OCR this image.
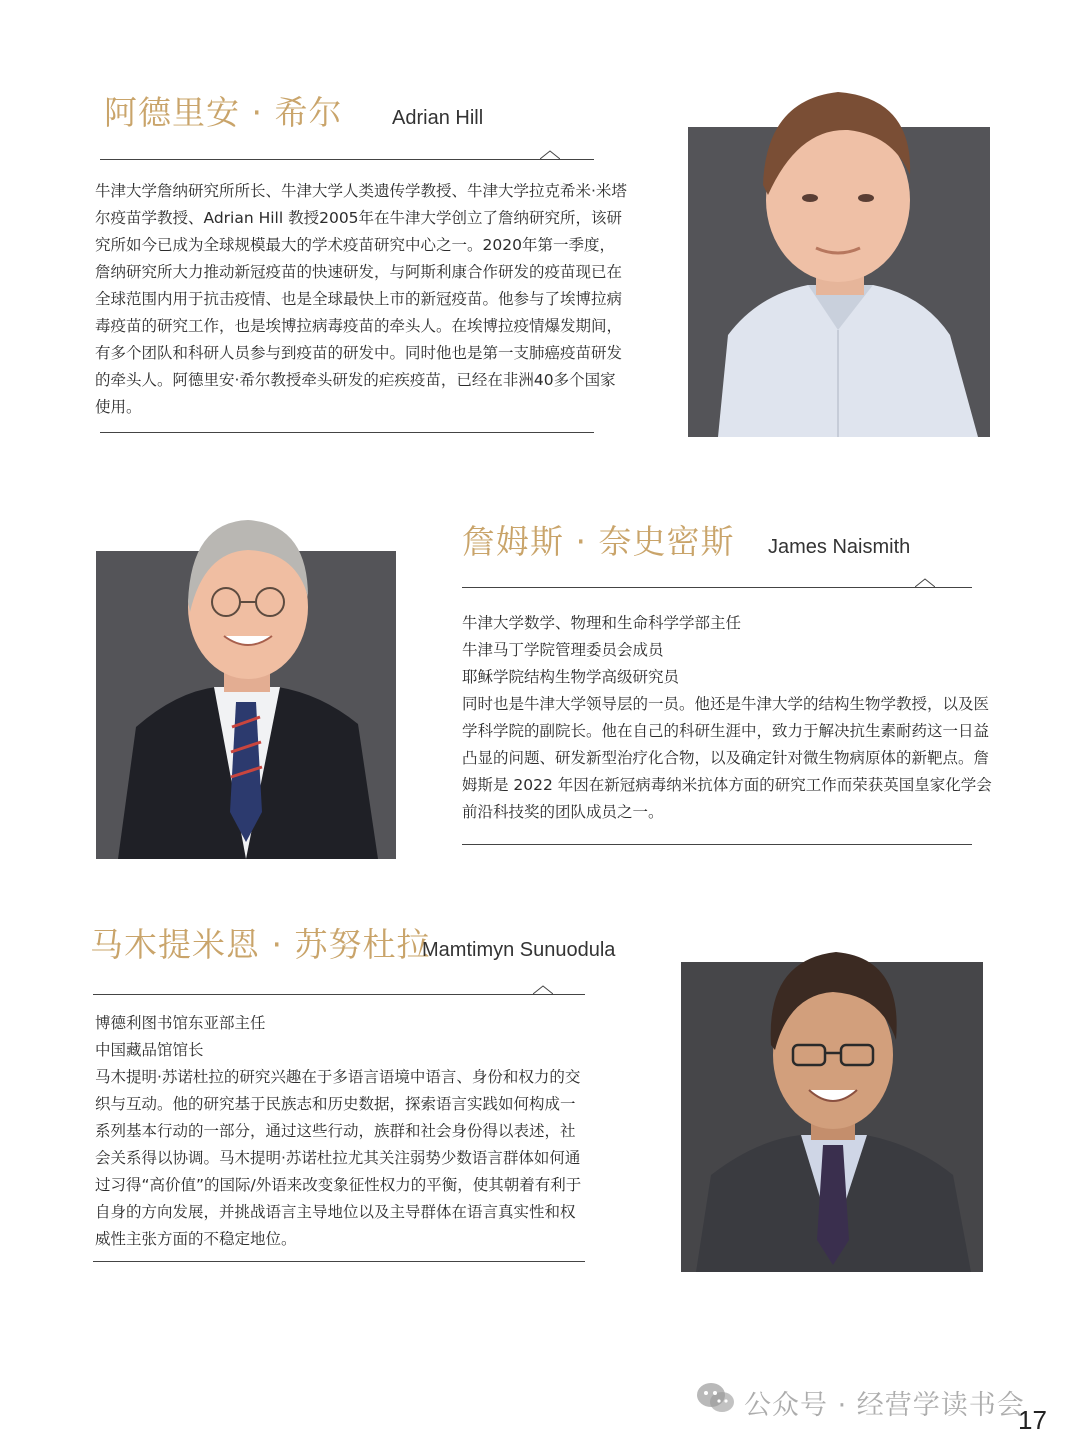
阿德里安 · 希尔 Adrian Hill

牛津大学詹纳研究所所长、牛津大学人类遗传学教授、牛津大学拉克希米·米塔尔疫苗学教授、Adrian Hill 教授2005年在牛津大学创立了詹纳研究所，该研究所如今已成为全球规模最大的学术疫苗研究中心之一。2020年第一季度，詹纳研究所大力推动新冠疫苗的快速研发，与阿斯利康合作研发的疫苗现已在全球范围内用于抗击疫情、也是全球最快上市的新冠疫苗。他参与了埃博拉病毒疫苗的研究工作，也是埃博拉病毒疫苗的牵头人。在埃博拉疫情爆发期间，有多个团队和科研人员参与到疫苗的研发中。同时他也是第一支肺癌疫苗研发的牵头人。阿德里安·希尔教授牵头研发的疟疾疫苗，已经在非洲40多个国家使用。

詹姆斯 · 奈史密斯 James Naismith

牛津大学数学、物理和生命科学学部主任

牛津马丁学院管理委员会成员

耶稣学院结构生物学高级研究员

同时也是牛津大学领导层的一员。他还是牛津大学的结构生物学教授，以及医学科学院的副院长。他在自己的科研生涯中，致力于解决抗生素耐药这一日益凸显的问题、研发新型治疗化合物，以及确定针对微生物病原体的新靶点。詹姆斯是 2022 年因在新冠病毒纳米抗体方面的研究工作而荣获英国皇家化学会前沿科技奖的团队成员之一。

马木提米恩 · 苏努杜拉
Mamtimyn Sunuodula

博德利图书馆东亚部主任

中国藏品馆馆长

马木提明·苏诺杜拉的研究兴趣在于多语言语境中语言、身份和权力的交织与互动。他的研究基于民族志和历史数据，探索语言实践如何构成一系列基本行动的一部分，通过这些行动，族群和社会身份得以表述，社会关系得以协调。马木提明·苏诺杜拉尤其关注弱势少数语言群体如何通过习得“高价值”的国际/外语来改变象征性权力的平衡，使其朝着有利于自身的方向发展，并挑战语言主导地位以及主导群体在语言真实性和权威性主张方面的不稳定地位。

公众号 · 经营学读书会
17
